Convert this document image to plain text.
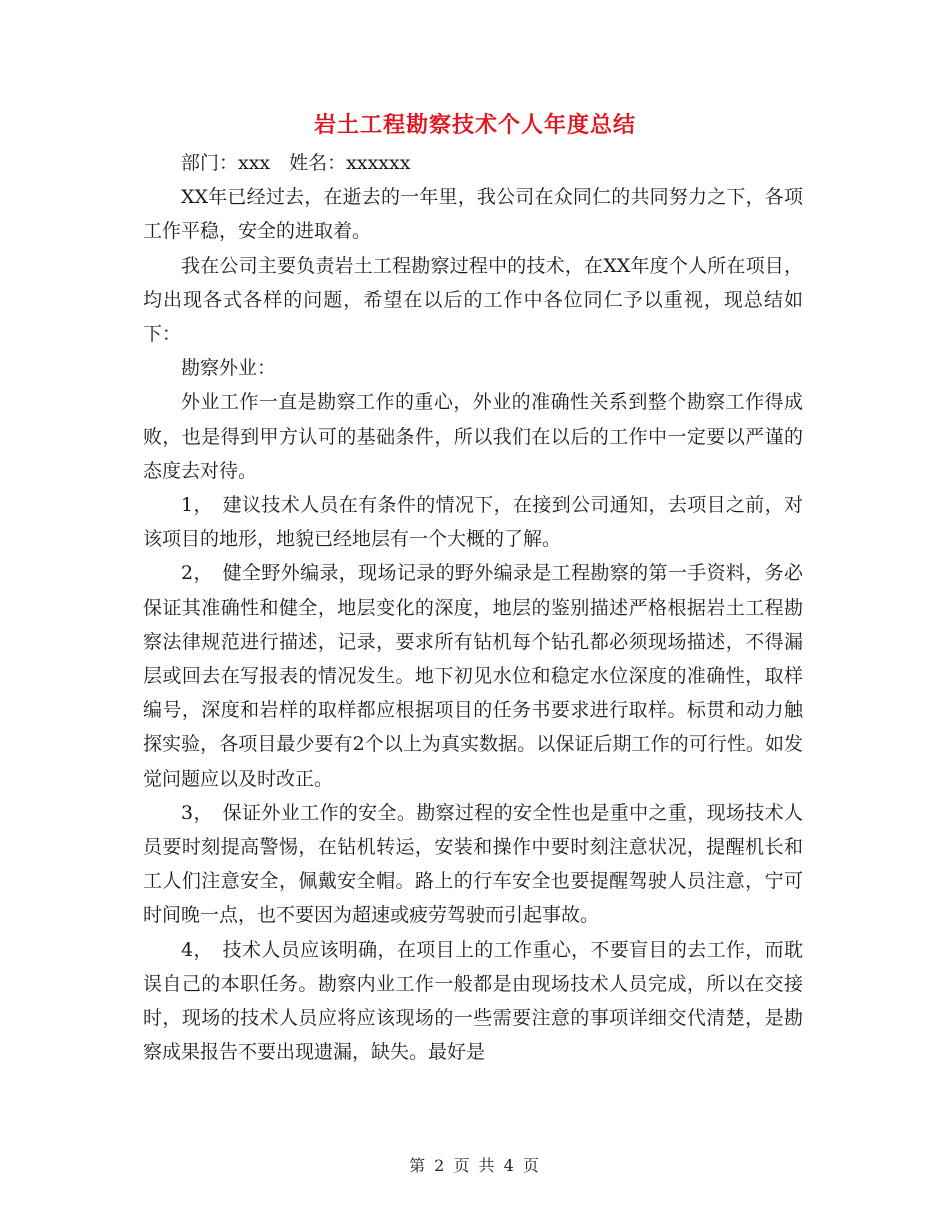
岩土工程勘察技术个人年度总结

部门：xxx　姓名：xxxxxx

XX年已经过去，在逝去的一年里，我公司在众同仁的共同努力之下，各项工作平稳，安全的进取着。

我在公司主要负责岩土工程勘察过程中的技术，在XX年度个人所在项目，均出现各式各样的问题，希望在以后的工作中各位同仁予以重视，现总结如下：

勘察外业：

外业工作一直是勘察工作的重心，外业的准确性关系到整个勘察工作得成败，也是得到甲方认可的基础条件，所以我们在以后的工作中一定要以严谨的态度去对待。

1，　建议技术人员在有条件的情况下，在接到公司通知，去项目之前，对该项目的地形，地貌已经地层有一个大概的了解。

2，　健全野外编录，现场记录的野外编录是工程勘察的第一手资料，务必保证其准确性和健全，地层变化的深度，地层的鉴别描述严格根据岩土工程勘察法律规范进行描述，记录，要求所有钻机每个钻孔都必须现场描述，不得漏层或回去在写报表的情况发生。地下初见水位和稳定水位深度的准确性，取样编号，深度和岩样的取样都应根据项目的任务书要求进行取样。标贯和动力触探实验，各项目最少要有2个以上为真实数据。以保证后期工作的可行性。如发觉问题应以及时改正。

3，　保证外业工作的安全。勘察过程的安全性也是重中之重，现场技术人员要时刻提高警惕，在钻机转运，安装和操作中要时刻注意状况，提醒机长和工人们注意安全，佩戴安全帽。路上的行车安全也要提醒驾驶人员注意，宁可时间晚一点，也不要因为超速或疲劳驾驶而引起事故。

4，　技术人员应该明确，在项目上的工作重心，不要盲目的去工作，而耽误自己的本职任务。勘察内业工作一般都是由现场技术人员完成，所以在交接时，现场的技术人员应将应该现场的一些需要注意的事项详细交代清楚，是勘察成果报告不要出现遗漏，缺失。最好是

第 2 页 共 4 页
